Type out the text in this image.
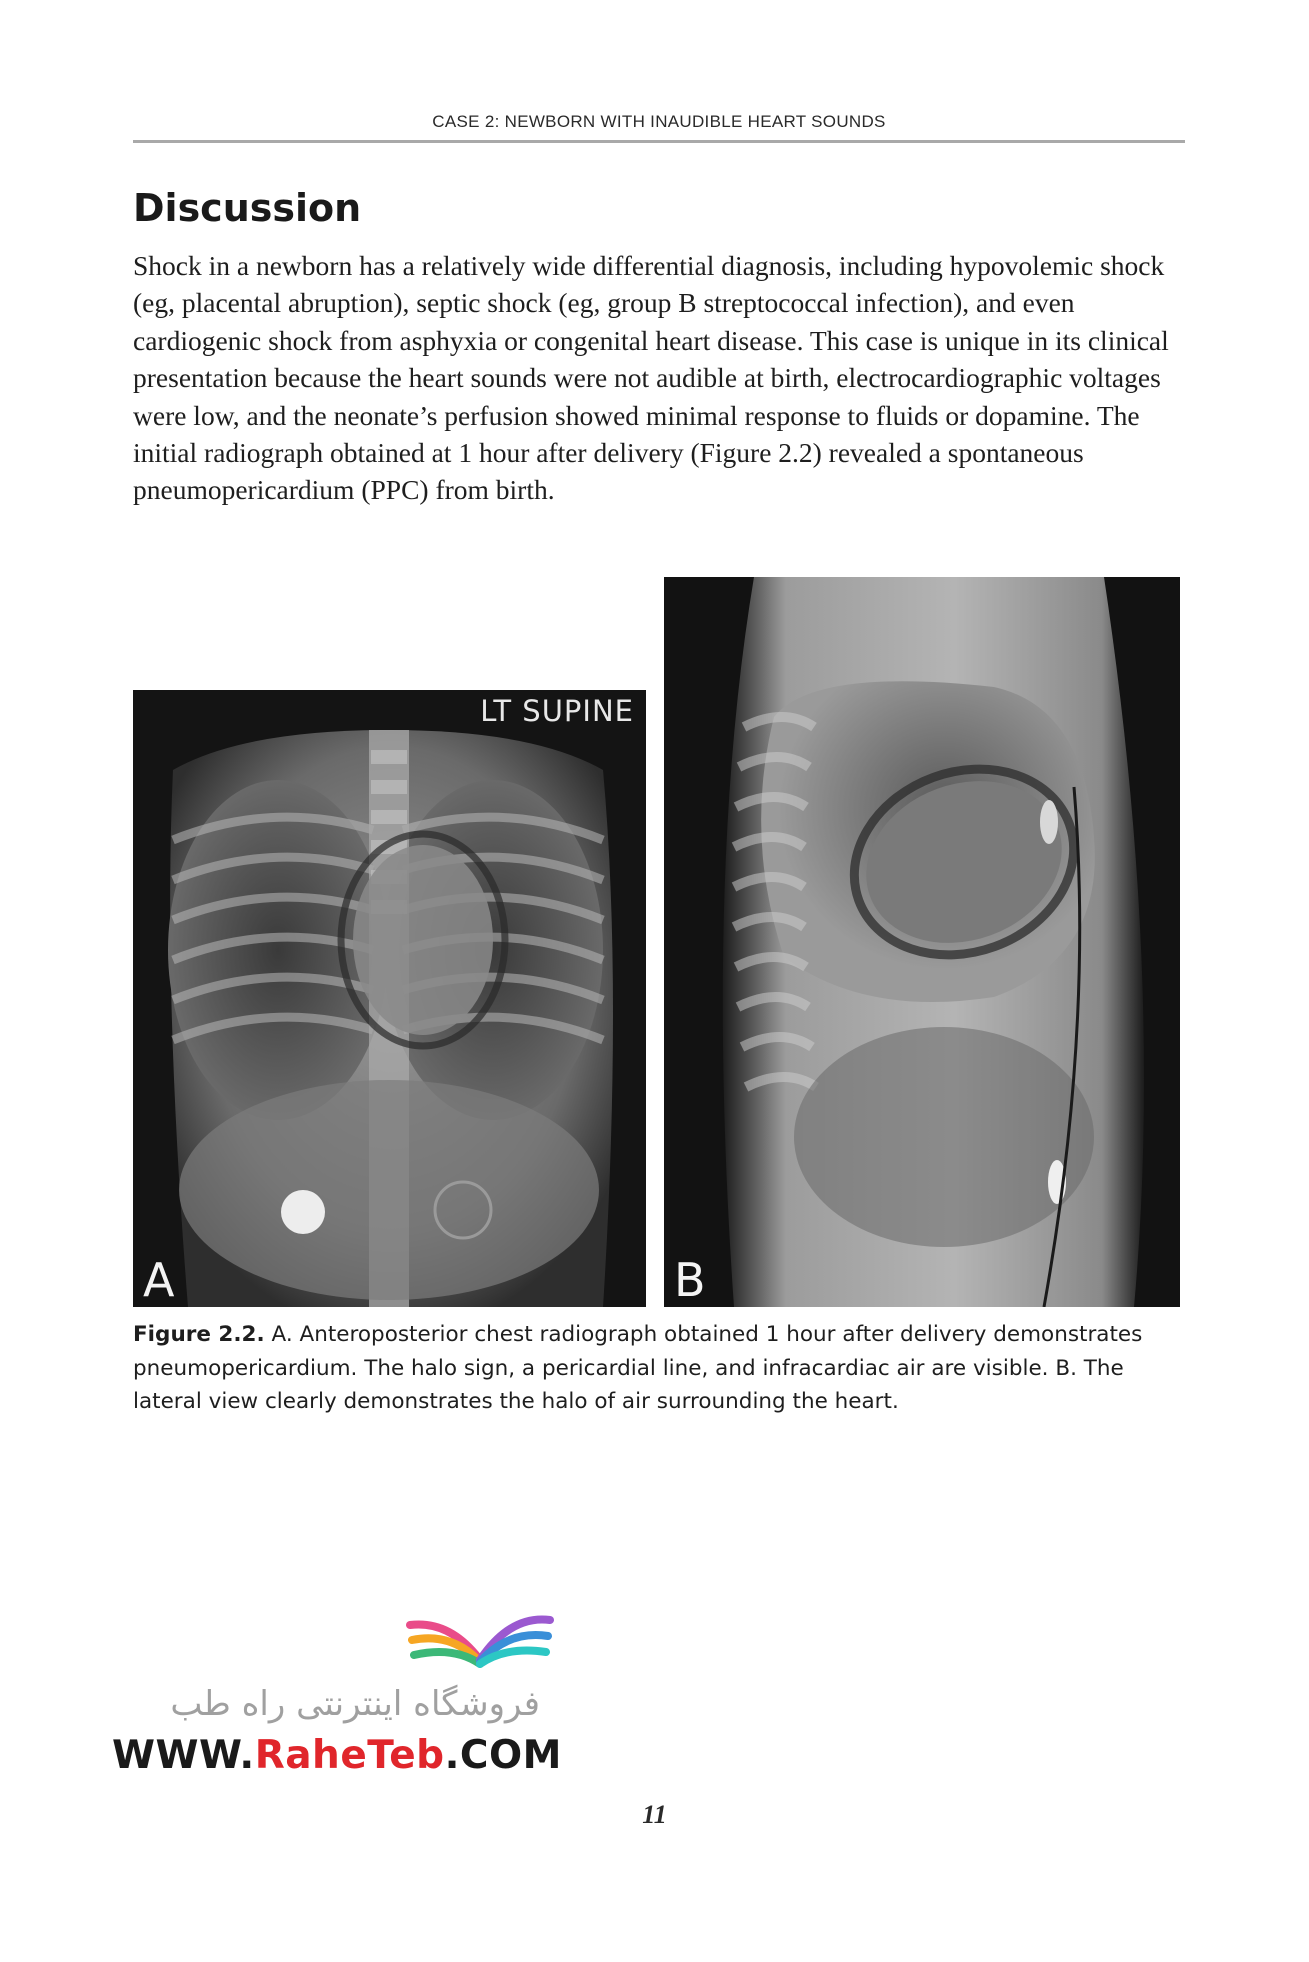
CASE 2: NEWBORN WITH INAUDIBLE HEART SOUNDS
Discussion

Shock in a newborn has a relatively wide differential diagnosis, including hypovolemic shock (eg, placental abruption), septic shock (eg, group B streptococcal infection), and even cardiogenic shock from asphyxia or congenital heart disease. This case is unique in its clinical presentation because the heart sounds were not audible at birth, electrocardiographic voltages were low, and the neonate’s perfusion showed minimal response to fluids or dopamine. The initial radiograph obtained at 1 hour after delivery (Figure 2.2) revealed a spontaneous pneumopericardium (PPC) from birth.

LT SUPINE
A	B

Figure 2.2. A. Anteroposterior chest radiograph obtained 1 hour after delivery demonstrates pneumopericardium. The halo sign, a pericardial line, and infracardiac air are visible. B. The lateral view clearly demonstrates the halo of air surrounding the heart.

فروشگاه اینترنتی راه طب
WWW.RaheTeb.COM
11
